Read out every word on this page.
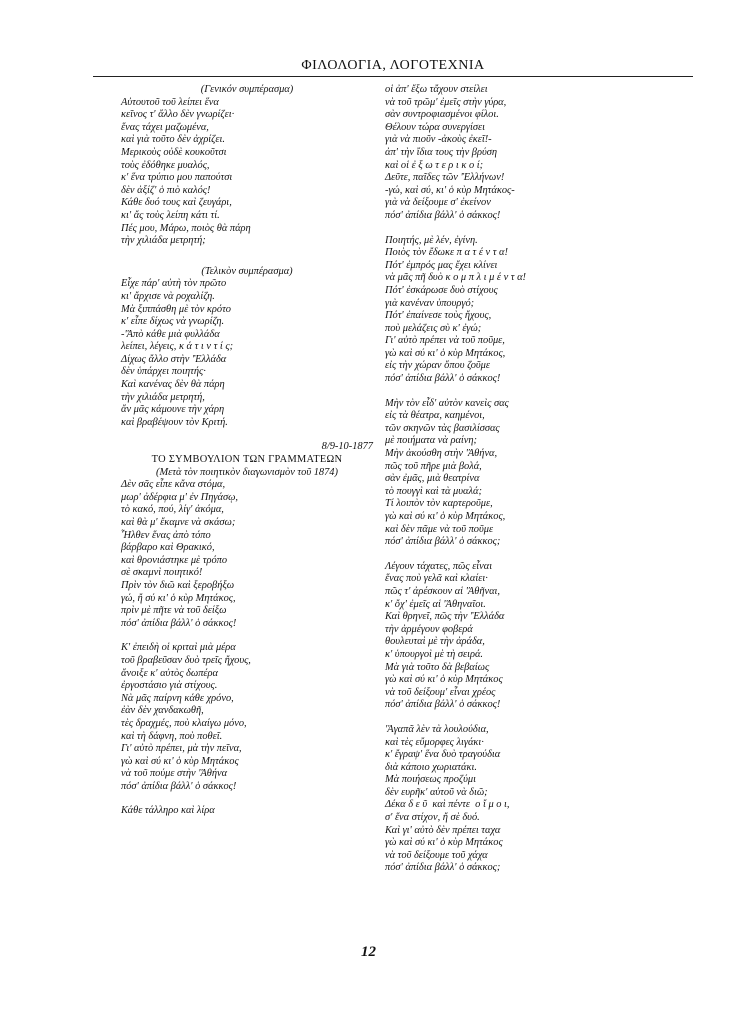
ΦΙΛΟΛΟΓΙΑ, ΛΟΓΟΤΕΧΝΙΑ

(Γενικόν συμπέρασμα)

Αὐτουτοῦ τοῦ λείπει ἕνα

κεῖνος τ' ἄλλο δὲν γνωρίζει·

ἕνας τάχει μαζωμένα,

καὶ γιὰ τοῦτο δὲν ἀχρίζει.

Μερικοὺς οὐδὲ κουκοῦτσι

τοὺς ἐδόθηκε μυαλός,

κ' ἕνα τρύπιο μου παπούτσι

δὲν ἀξίζ' ὁ πιὸ καλός!

Κάθε δυό τους καὶ ζευγάρι,

κι' ἄς τοὺς λείπη κάτι τί.

Πές μου, Μάρω, ποιὸς θὰ πάρη

τὴν χιλιάδα μετρητή;

(Τελικὸν συμπέρασμα)

Εἶχε πάρ' αὐτὴ τὸν πρῶτο

κι' ἄρχισε νὰ ροχαλίζη.

Μὰ ξιππάσθη μὲ τὸν κρότο

κ' εἶπε δίχως νὰ γνωρίζη.

-'Ἀπὸ κάθε μιὰ φυλλάδα

λείπει, λέγεις, κ ά τ ι ν τ ί ς;

Δίχως ἄλλο στὴν 'Ἑλλάδα

δὲν ὑπάρχει ποιητής·

Καὶ κανένας δὲν θὰ πάρη

τὴν χιλιάδα μετρητή,

ἄν μᾶς κάμουνε τὴν χάρη

καὶ βραβέψουν τὸν Κριτή.

8/9-10-1877

ΤΟ ΣΥΜΒΟΥΛΙΟΝ ΤΩΝ ΓΡΑΜΜΑΤΕΩΝ

(Μετὰ τὸν ποιητικὸν διαγωνισμὸν τοῦ 1874)

Δὲν σᾶς εἶπε κἄνα στόμα,

μωρ' ἀδέρφια μ' ἐν Πηγάσῳ,

τὸ κακό, πού, λίγ' ἀκόμα,

καὶ θὰ μ' ἔκαμνε νὰ σκάσω;

Ἦλθεν ἕνας ἀπὸ τόπο

βάρβαρο καὶ Θρακικό,

καὶ θρονιάστηκε μὲ τρόπο

σὲ σκαμνὶ ποιητικό!

Πρὶν τὸν διῶ καὶ ξεροβήξω

γώ, ἤ σύ κι' ὁ κὺρ Μητάκος,

πρὶν μὲ πῆτε νὰ τοῦ δείξω

πόσ' ἀπίδια βάλλ' ὁ σάκκος!

Κ' ἐπειδὴ οἱ κριταὶ μιὰ μέρα

τοῦ βραβεῦσαν δυὸ τρεῖς ἤχους,

ἄνοιξε κ' αὐτὸς δωπέρα

ἐργοστάσιο γιὰ στίχους.

Νὰ μᾶς παίρνη κάθε χρόνο,

ἐὰν δὲν χανδακωθῆ,

τὲς δραχμές, ποὺ κλαίγω μόνο,

καὶ τὴ δάφνη, ποὺ ποθεῖ.

Γι' αὐτὸ πρέπει, μὰ τὴν πεῖνα,

γὼ καὶ σύ κι' ὁ κὺρ Μητάκος

νὰ τοῦ πούμε στὴν 'Ἀθήνα

πόσ' ἀπίδια βάλλ' ὁ σάκκος!

Κάθε τάλληρο καὶ λίρα

οἱ ἀπ' ἔξω τἄχουν στείλει

νὰ τοῦ τρῶμ' ἐμεῖς στὴν γύρα,

σὰν συντροφιασμένοι φίλοι.

Θέλουν τώρα συνεργίσει

γιὰ νὰ πιοῦν -ἀκοὺς ἐκεῖ!-

ἀπ' τὴν ἴδια τους τὴν βρύση

καὶ οἱ ἐ ξ ω τ ε ρ ι κ ο ί;

Δεῦτε, παῖδες τῶν 'Ἑλλήνων!

-γώ, καὶ σύ, κι' ὁ κὺρ Μητάκος-

γιὰ νὰ δείξουμε σ' ἐκείνον

πόσ' ἀπίδια βάλλ' ὁ σάκκος!

Ποιητής, μὲ λέν, ἐγίνη.

Ποιὸς τὸν ἔδωκε π α τ έ ν τ α!

Πότ' ἐμπρός μας ἔχει κλίνει

νὰ μᾶς πῆ δυὸ κ ο μ π λ ι μ έ ν τ α!

Πότ' ἐσκάρωσε δυὸ στίχους

γιὰ κανέναν ὑπουργό;

Πότ' ἐπαίνεσε τοὺς ἤχους,

ποὺ μελάζεις σὺ κ' ἐγώ;

Γι' αὐτὸ πρέπει νὰ τοῦ ποῦμε,

γὼ καὶ σύ κι' ὁ κὺρ Μητάκος,

εἰς τὴν χώραν ὅπου ζοῦμε

πόσ' ἀπίδια βάλλ' ὁ σάκκος!

Μὴν τὸν εἶδ' αὐτὸν κανεὶς σας

εἰς τὰ θέατρα, καημένοι,

τῶν σκηνῶν τὰς βασιλίσσας

μὲ ποιήματα νὰ ραίνη;

Μὴν ἀκούσθη στὴν 'Ἀθήνα,

πῶς τοῦ πῆρε μιὰ βολά,

σὰν ἐμᾶς, μιὰ θεατρίνα

τὸ πουγγὶ καὶ τὰ μυαλά;

Τί λοιπὸν τὸν καρτεροῦμε,

γὼ καὶ σύ κι' ὁ κὺρ Μητάκος,

καὶ δὲν πᾶμε νὰ τοῦ ποῦμε

πόσ' ἀπίδια βάλλ' ὁ σάκκος;

Λέγουν τάχατες, πῶς εἶναι

ἕνας ποὺ γελᾶ καὶ κλαίει·

πῶς τ' ἀρέσκουν αἱ 'Ἀθῆναι,

κ' ὄχ' ἐμεῖς αἱ 'Ἀθηναῖοι.

Καὶ θρηνεῖ, πῶς τὴν 'Ἑλλάδα

τὴν ἀρμέγουν φοβερά

θουλευταὶ μὲ τὴν ἀράδα,

κ' ὑπουργοὶ μὲ τὴ σειρά.

Μὰ γιὰ τοῦτο δὰ βεβαίως

γὼ καὶ σύ κι' ὁ κὺρ Μητάκος

νὰ τοῦ δείξουμ' εἶναι χρέος

πόσ' ἀπίδια βάλλ' ὁ σάκκος!

'Ἀγαπᾶ λὲν τὰ λουλούδια,

καὶ τὲς εὔμορφες λιγάκι·

κ' ἔγραψ' ἕνα δυὸ τραγούδια

διὰ κάποιο χωριατάκι.

Μὰ ποιήσεως προζύμι

δὲν ευρῆκ' αὐτοῦ νὰ διῶ;

Δέκα δ ε ῦ  καὶ πέντε  ο ἴ μ ο ι,

σ' ἕνα στίχον, ἤ σὲ δυό.

Καὶ γι' αὐτὸ δὲν πρέπει ταχα

γὼ καὶ σύ κι' ὁ κὺρ Μητάκος

νὰ τοῦ δείξουμε τοῦ χάχα

πόσ' ἀπίδια βάλλ' ὁ σάκκος;

12
